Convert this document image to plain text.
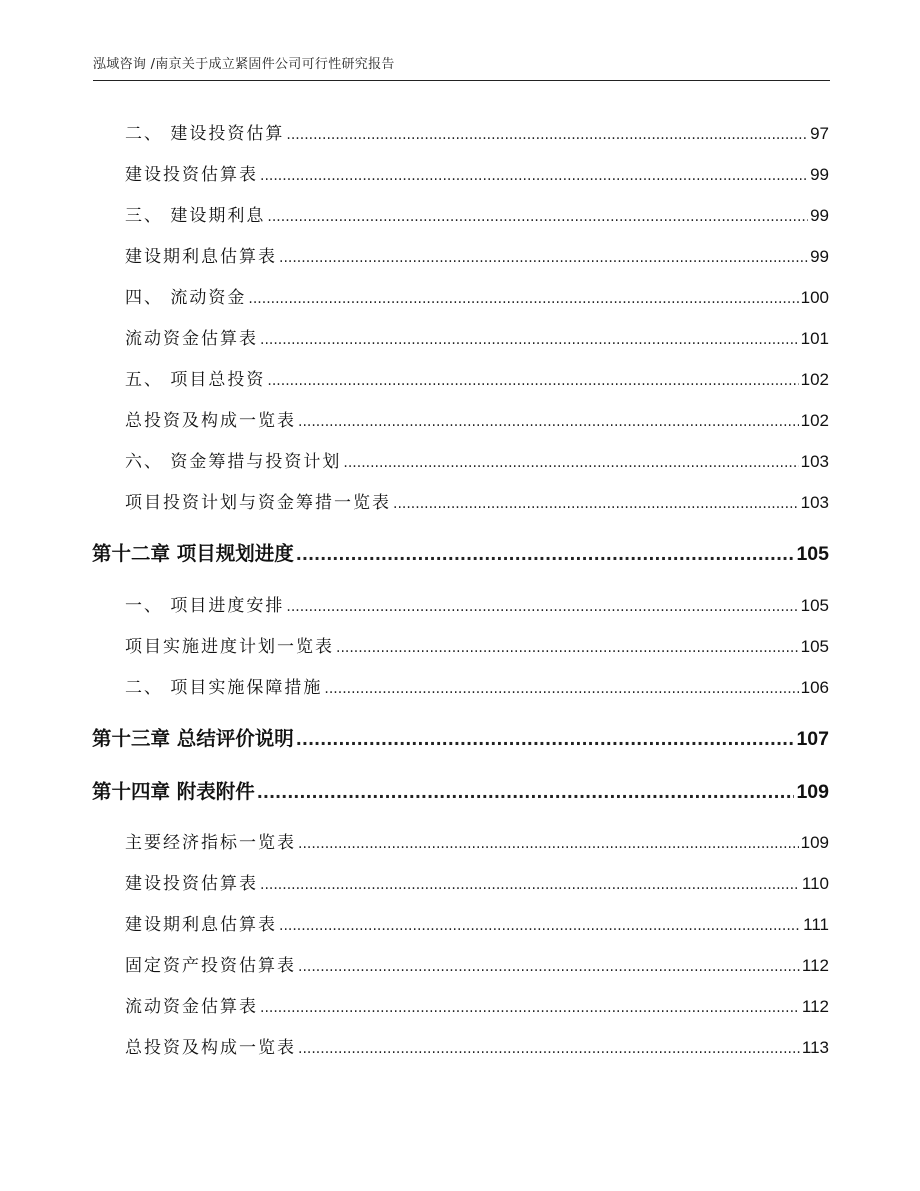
泓域咨询 /南京关于成立紧固件公司可行性研究报告
二、 建设投资估算 .....	97
建设投资估算表 .....	99
三、 建设期利息 .....	99
建设期利息估算表 .....	99
四、 流动资金 .....	100
流动资金估算表 .....	101
五、 项目总投资 .....	102
总投资及构成一览表 .....	102
六、 资金筹措与投资计划 .....	103
项目投资计划与资金筹措一览表 .....	103
第十二章 项目规划进度 .....	105
一、 项目进度安排 .....	105
项目实施进度计划一览表 .....	105
二、 项目实施保障措施 .....	106
第十三章 总结评价说明 .....	107
第十四章 附表附件 .....	109
主要经济指标一览表 .....	109
建设投资估算表 .....	110
建设期利息估算表 .....	111
固定资产投资估算表 .....	112
流动资金估算表 .....	112
总投资及构成一览表 .....	113
